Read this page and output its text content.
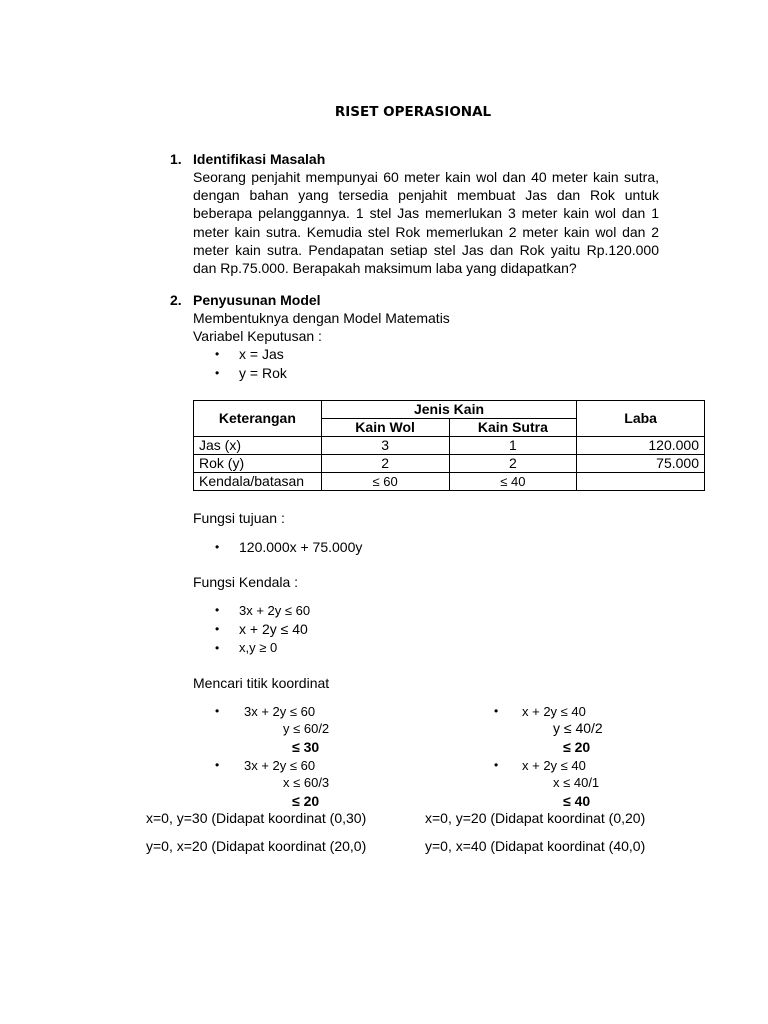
RISET OPERASIONAL
1. Identifikasi Masalah
Seorang penjahit mempunyai 60 meter kain wol dan 40 meter kain sutra,
dengan bahan yang tersedia penjahit membuat Jas dan Rok untuk
beberapa pelanggannya. 1 stel Jas memerlukan 3 meter kain wol dan 1
meter kain sutra. Kemudia stel Rok memerlukan 2 meter kain wol dan 2
meter kain sutra. Pendapatan setiap stel Jas dan Rok yaitu Rp.120.000
dan Rp.75.000. Berapakah maksimum laba yang didapatkan?
2. Penyusunan Model
Membentuknya dengan Model Matematis
Variabel Keputusan :
• x = Jas
• y = Rok
Keterangan	Jenis Kain		Laba
	Kain Wol	Kain Sutra	
Jas (x)	3	1	120.000
Rok (y)	2	2	75.000
Kendala/batasan	≤ 60	≤ 40	
Fungsi tujuan :
• 120.000x + 75.000y
Fungsi Kendala :
• 3x + 2y ≤ 60
• x + 2y ≤ 40
• x,y ≥ 0
Mencari titik koordinat
• 3x + 2y ≤ 60
y ≤ 60/2
≤ 30
• 3x + 2y ≤ 60
x ≤ 60/3
≤ 20
• x + 2y ≤ 40
y ≤ 40/2
≤ 20
• x + 2y ≤ 40
x ≤ 40/1
≤ 40
x=0, y=30 (Didapat koordinat (0,30)	x=0, y=20 (Didapat koordinat (0,20)
y=0, x=20 (Didapat koordinat (20,0)	y=0, x=40 (Didapat koordinat (40,0)
